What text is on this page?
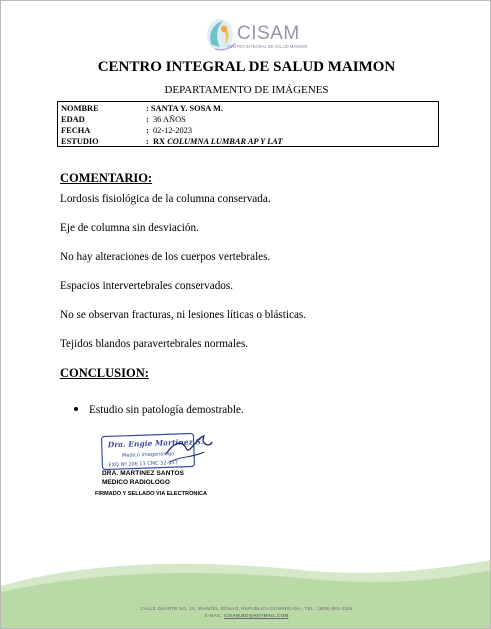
CISAM
CENTRO INTEGRAL DE SALUD MAIMON
CENTRO INTEGRAL DE SALUD MAIMON
DEPARTAMENTO DE IMÁGENES
NOMBRE	: SANTA Y. SOSA M.
EDAD	: 36 AÑOS
FECHA	: 02-12-2023
ESTUDIO	: RX COLUMNA LUMBAR AP Y LAT
COMENTARIO:
Lordosis fisiológica de la columna conservada.
Eje de columna sin desviación.
No hay alteraciones de los cuerpos vertebrales.
Espacios intervertebrales conservados.
No se observan fracturas, ni lesiones líticas o blásticas.
Tejidos blandos paravertebrales normales.
CONCLUSION:
Estudio sin patología demostrable.
Dra. Engie Martinez S.
Medico Imagenólogo
EXQ Nº 206 13 CMC 32-657
DRA. MARTINEZ SANTOS
MEDICO RADIOLOGO
FIRMADO Y SELLADO VIA ELECTRONICA
CALLE DUARTE NO. 15, MAIMÓN, BONAO, REPUBLICA DOMINICANA, TEL.: (809)-551-2186
E-MAIL: CISAM.BO@HOTMAIL.COM
